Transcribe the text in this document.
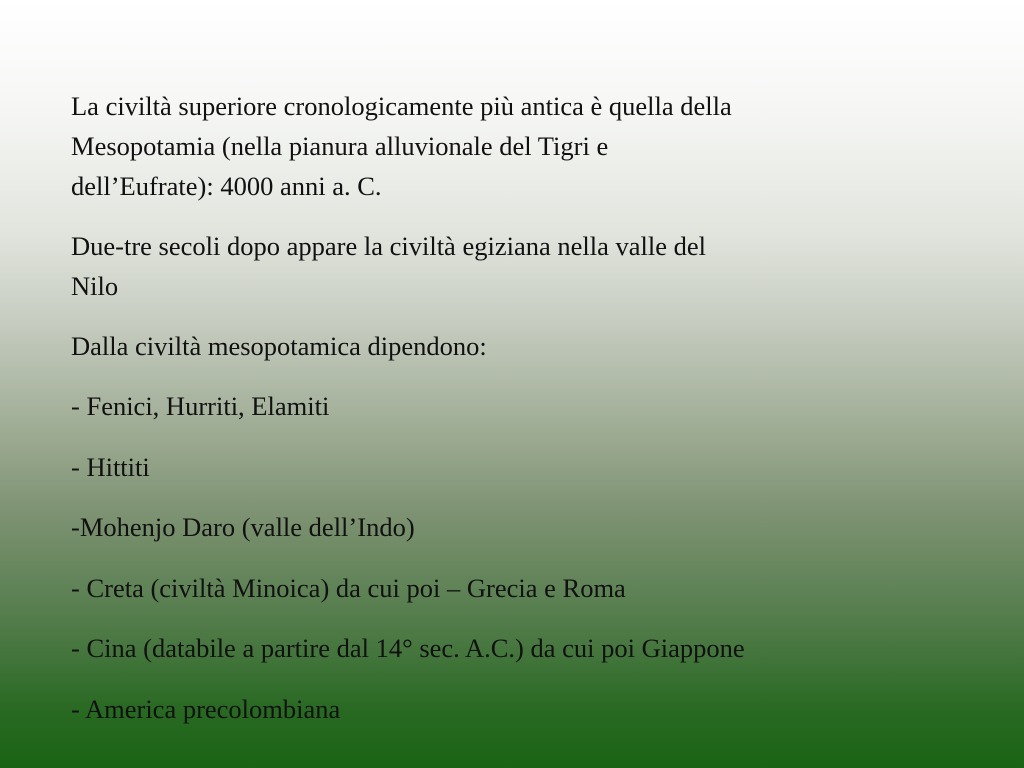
La civiltà superiore cronologicamente più antica è quella della
Mesopotamia (nella pianura alluvionale del Tigri e
dell’Eufrate): 4000 anni a. C.

Due-tre secoli dopo appare la civiltà egiziana nella valle del
Nilo

Dalla civiltà mesopotamica dipendono:

- Fenici, Hurriti, Elamiti

- Hittiti

-Mohenjo Daro (valle dell’Indo)

- Creta (civiltà Minoica) da cui poi – Grecia e Roma

- Cina (databile a partire dal 14° sec. A.C.) da cui poi Giappone

- America precolombiana
